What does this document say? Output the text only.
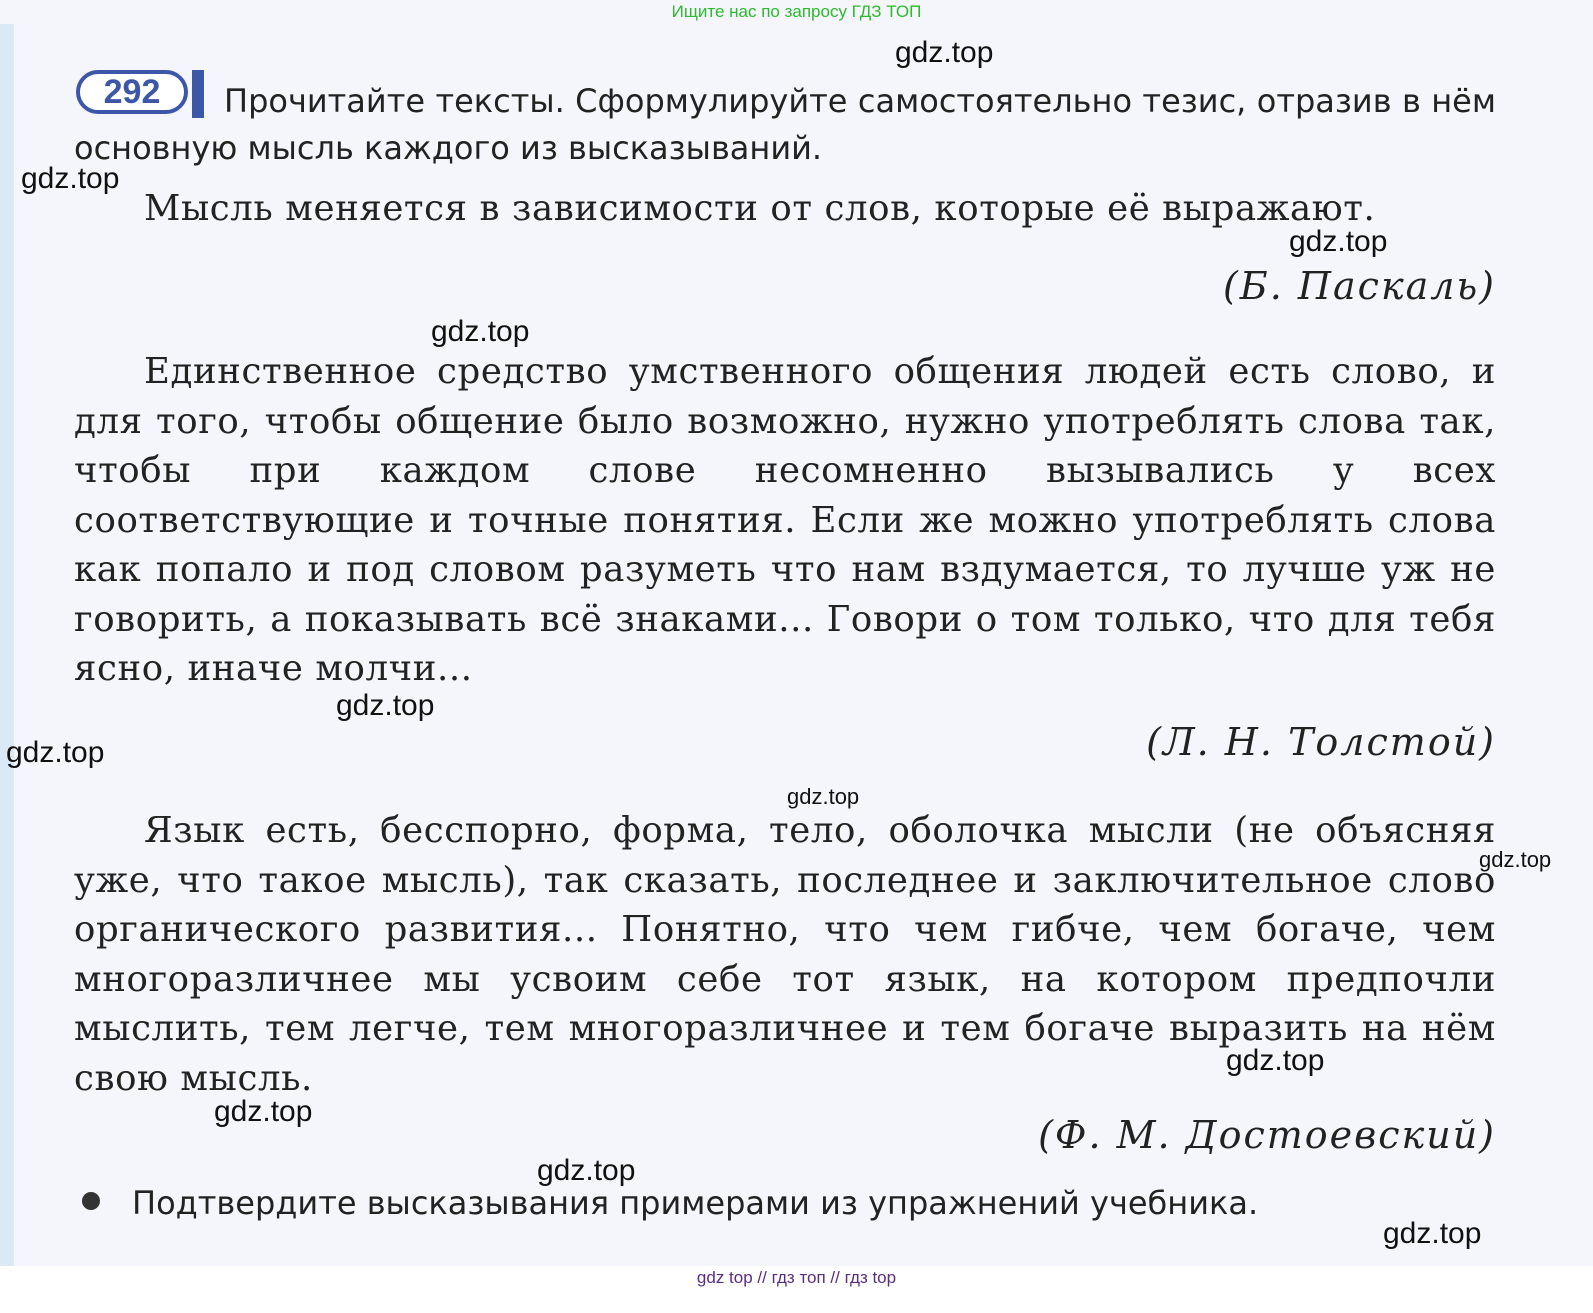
Ищите нас по запросу ГДЗ ТОП
292	Прочитайте тексты. Сформулируйте самостоятельно тезис, отразив в нём основную мысль каждого из высказываний.
Мысль меняется в зависимости от слов, которые её выражают.
(Б. Паскаль)
Единственное средство умственного общения людей есть слово, и для того, чтобы общение было возможно, нужно употреблять слова так, чтобы при каждом слове несомненно вызывались у всех соответствующие и точные понятия. Если же можно употреблять слова как попало и под словом разуметь что нам вздумается, то лучше уж не говорить, а показывать всё знаками... Говори о том только, что для тебя ясно, иначе молчи...
(Л. Н. Толстой)
Язык есть, бесспорно, форма, тело, оболочка мысли (не объясняя уже, что такое мысль), так сказать, последнее и заключительное слово органического развития... Понятно, что чем гибче, чем богаче, чем многоразличнее мы усвоим себе тот язык, на котором предпочли мыслить, тем легче, тем многоразличнее и тем богаче выразить на нём свою мысль.
(Ф. М. Достоевский)
Подтвердите высказывания примерами из упражнений учебника.
gdz.top
gdz.top
gdz.top
gdz.top
gdz.top
gdz.top
gdz.top
gdz.top
gdz.top
gdz.top
gdz.top
gdz.top
gdz top // гдз топ // гдз top
